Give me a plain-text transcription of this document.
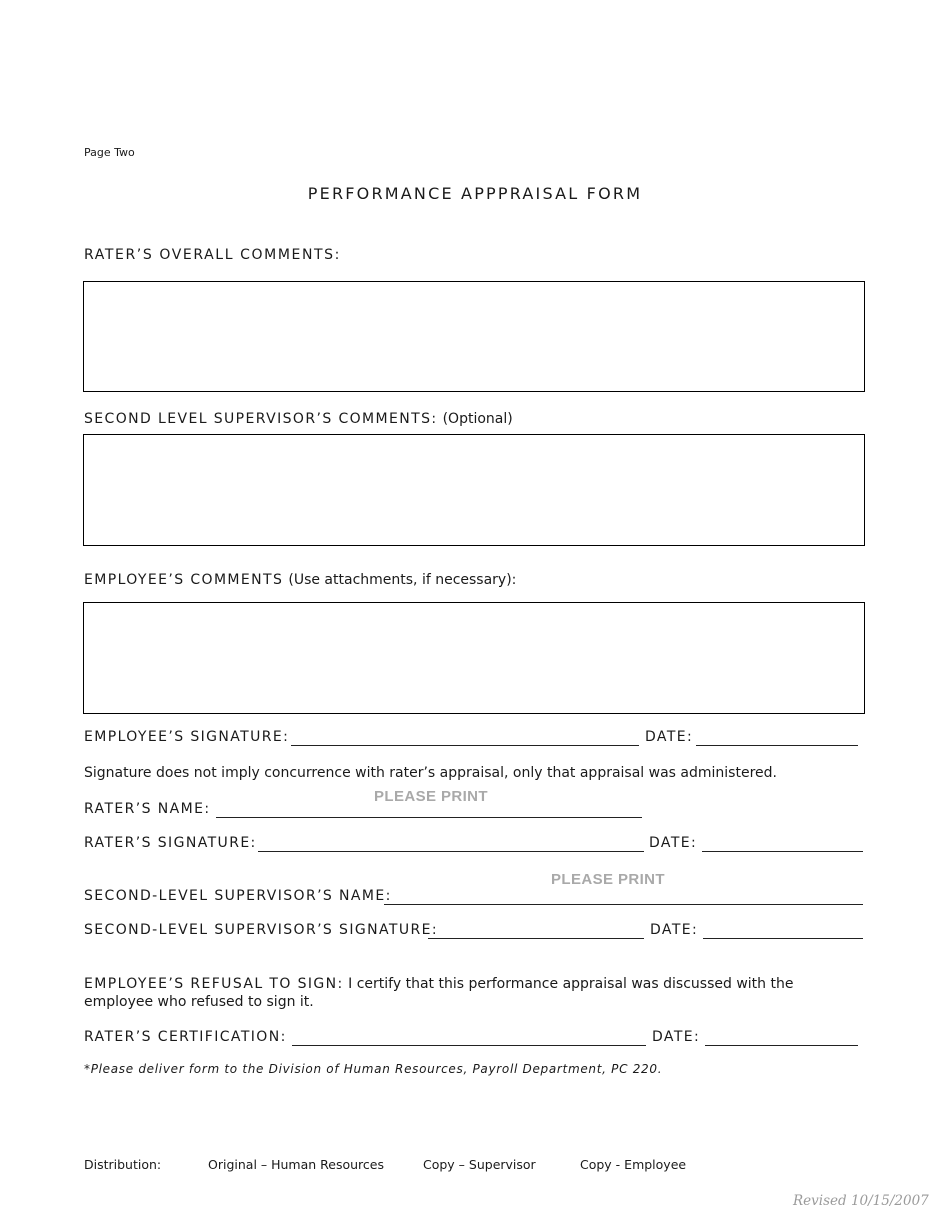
Page Two
PERFORMANCE APPPRAISAL FORM
RATER’S OVERALL COMMENTS:
SECOND LEVEL SUPERVISOR’S COMMENTS: (Optional)
EMPLOYEE’S COMMENTS (Use attachments, if necessary):
EMPLOYEE’S SIGNATURE:	DATE:
Signature does not imply concurrence with rater’s appraisal, only that appraisal was administered.
PLEASE PRINT
RATER’S NAME:
RATER’S SIGNATURE:	DATE:
PLEASE PRINT
SECOND-LEVEL SUPERVISOR’S NAME:
SECOND-LEVEL SUPERVISOR’S SIGNATURE:	DATE:
EMPLOYEE’S REFUSAL TO SIGN: I certify that this performance appraisal was discussed with the employee who refused to sign it.
RATER’S CERTIFICATION:	DATE:
*Please deliver form to the Division of Human Resources, Payroll Department, PC 220.
Distribution:	Original – Human Resources	Copy – Supervisor	Copy - Employee
Revised 10/15/2007
